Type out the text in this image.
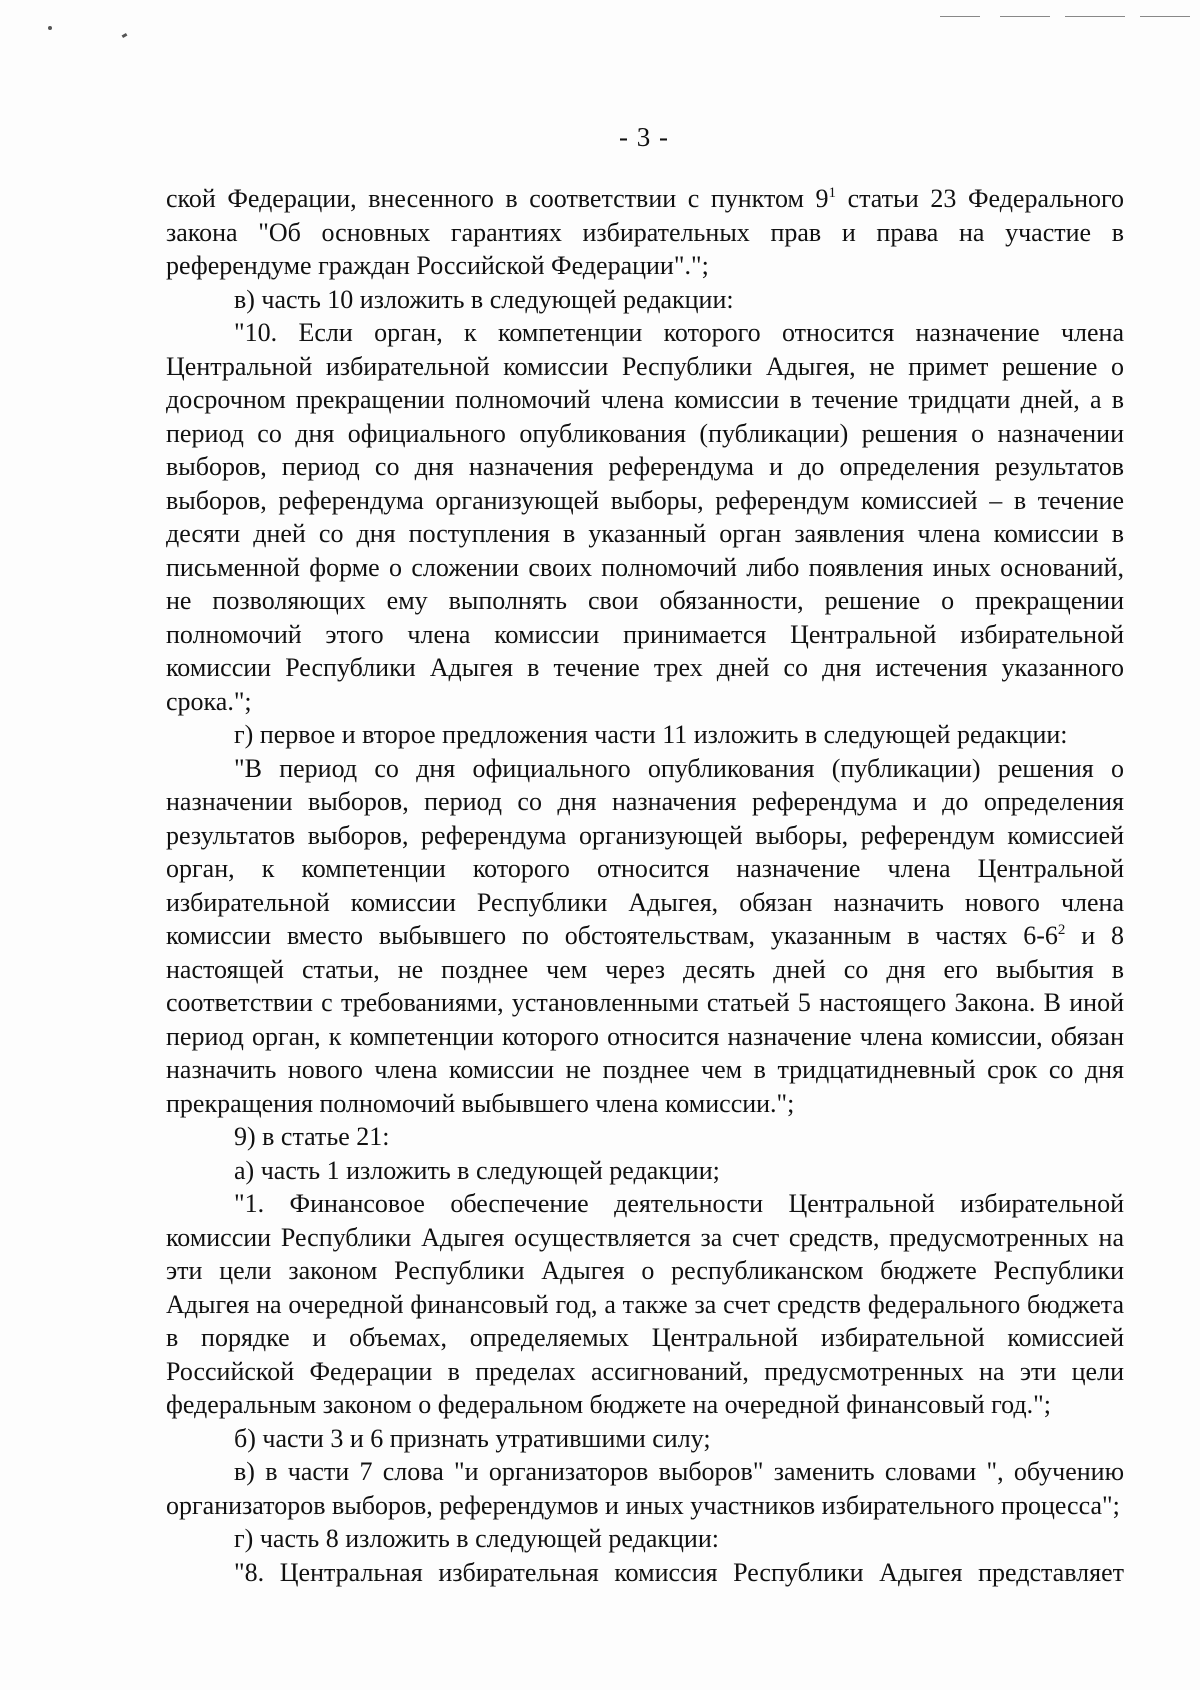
- 3 -

ской Федерации, внесенного в соответствии с пунктом $9^1$ статьи 23 Федерального закона "Об основных гарантиях избирательных прав и права на участие в референдуме граждан Российской Федерации".";

в) часть 10 изложить в следующей редакции:

"10. Если орган, к компетенции которого относится назначение члена Центральной избирательной комиссии Республики Адыгея, не примет решение о досрочном прекращении полномочий члена комиссии в течение тридцати дней, а в период со дня официального опубликования (публикации) решения о назначении выборов, период со дня назначения референдума и до определения результатов выборов, референдума организующей выборы, референдум комиссией – в течение десяти дней со дня поступления в указанный орган заявления члена комиссии в письменной форме о сложении своих полномочий либо появления иных оснований, не позволяющих ему выполнять свои обязанности, решение о прекращении полномочий этого члена комиссии принимается Центральной избирательной комиссии Республики Адыгея в течение трех дней со дня истечения указанного срока.";

г) первое и второе предложения части 11 изложить в следующей редакции:

"В период со дня официального опубликования (публикации) решения о назначении выборов, период со дня назначения референдума и до определения результатов выборов, референдума организующей выборы, референдум комиссией орган, к компетенции которого относится назначение члена Центральной избирательной комиссии Республики Адыгея, обязан назначить нового члена комиссии вместо выбывшего по обстоятельствам, указанным в частях $6-6^2$ и 8 настоящей статьи, не позднее чем через десять дней со дня его выбытия в соответствии с требованиями, установленными статьей 5 настоящего Закона. В иной период орган, к компетенции которого относится назначение члена комиссии, обязан назначить нового члена комиссии не позднее чем в тридцатидневный срок со дня прекращения полномочий выбывшего члена комиссии.";

9) в статье 21:

а) часть 1 изложить в следующей редакции;

"1. Финансовое обеспечение деятельности Центральной избирательной комиссии Республики Адыгея осуществляется за счет средств, предусмотренных на эти цели законом Республики Адыгея о республиканском бюджете Республики Адыгея на очередной финансовый год, а также за счет средств федерального бюджета в порядке и объемах, определяемых Центральной избирательной комиссией Российской Федерации в пределах ассигнований, предусмотренных на эти цели федеральным законом о федеральном бюджете на очередной финансовый год.";

б) части 3 и 6 признать утратившими силу;

в) в части 7 слова "и организаторов выборов" заменить словами ", обучению организаторов выборов, референдумов и иных участников избирательного процесса";

г) часть 8 изложить в следующей редакции:

"8. Центральная избирательная комиссия Республики Адыгея представляет
